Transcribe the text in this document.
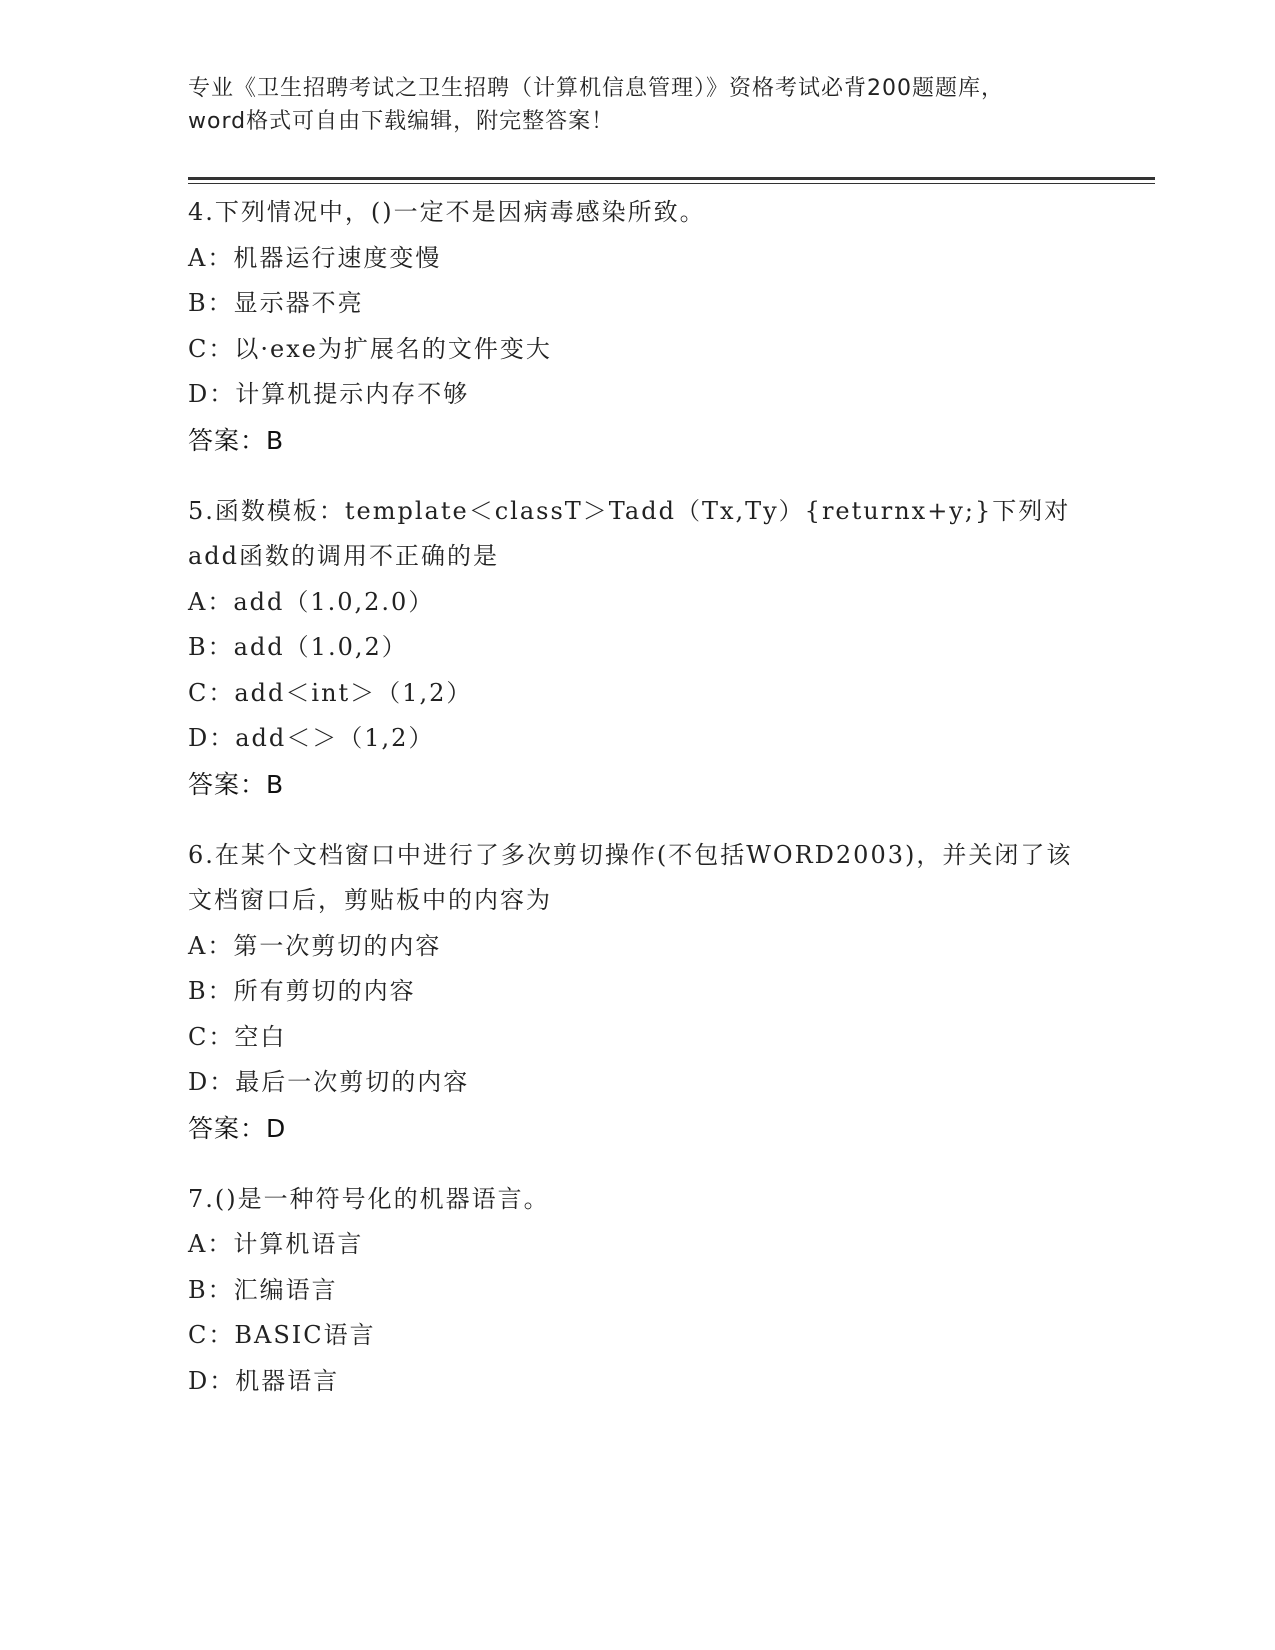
专业《卫生招聘考试之卫生招聘（计算机信息管理）》资格考试必背200题题库，
word格式可自由下载编辑，附完整答案！

4.下列情况中，()一定不是因病毒感染所致。

A：机器运行速度变慢

B：显示器不亮

C：以·exe为扩展名的文件变大

D：计算机提示内存不够

答案：B

5.函数模板：template＜classT＞Tadd（Tx,Ty）{returnx+y;}下列对add函数的调用不正确的是

A：add（1.0,2.0）

B：add（1.0,2）

C：add＜int＞（1,2）

D：add＜＞（1,2）

答案：B

6.在某个文档窗口中进行了多次剪切操作(不包括WORD2003)，并关闭了该文档窗口后，剪贴板中的内容为

A：第一次剪切的内容

B：所有剪切的内容

C：空白

D：最后一次剪切的内容

答案：D

7.()是一种符号化的机器语言。

A：计算机语言

B：汇编语言

C：BASIC语言

D：机器语言
